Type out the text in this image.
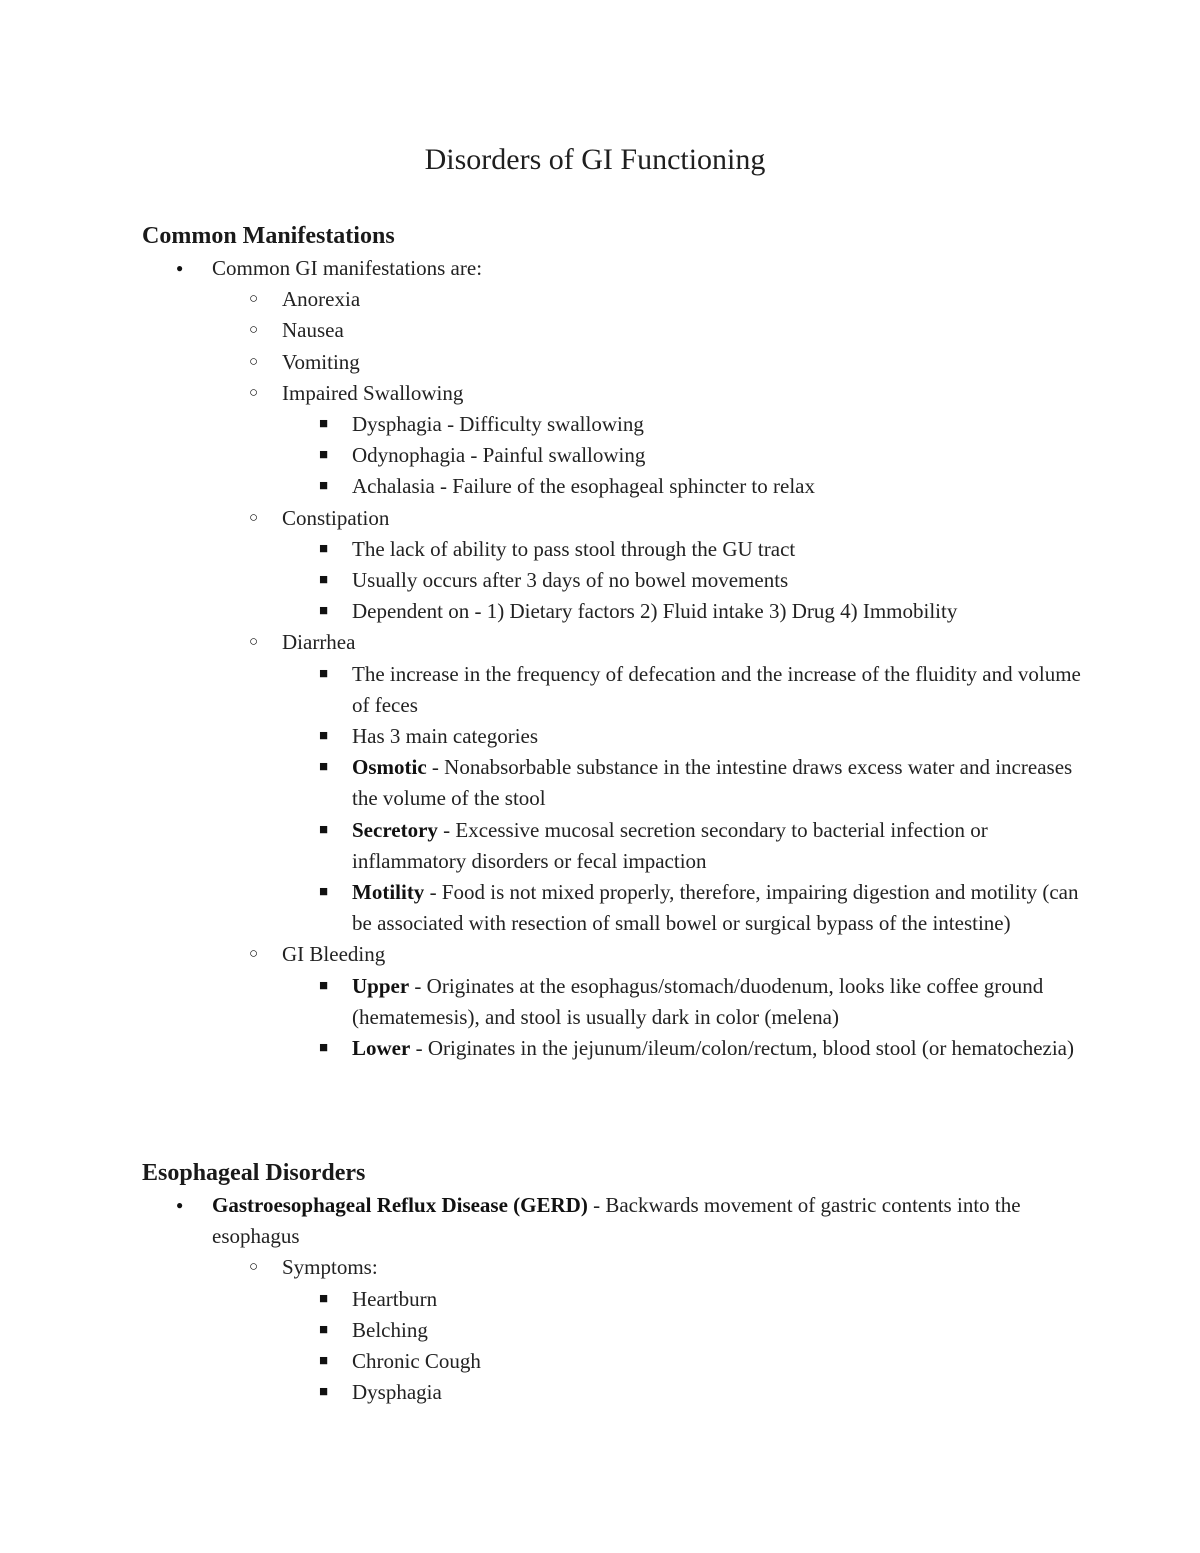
Disorders of GI Functioning
Common Manifestations
● Common GI manifestations are:
○ Anorexia
○ Nausea
○ Vomiting
○ Impaired Swallowing
■ Dysphagia - Difficulty swallowing
■ Odynophagia - Painful swallowing
■ Achalasia - Failure of the esophageal sphincter to relax
○ Constipation
■ The lack of ability to pass stool through the GU tract
■ Usually occurs after 3 days of no bowel movements
■ Dependent on - 1) Dietary factors 2) Fluid intake 3) Drug 4) Immobility
○ Diarrhea
■ The increase in the frequency of defecation and the increase of the fluidity and volume of feces
■ Has 3 main categories
■ Osmotic - Nonabsorbable substance in the intestine draws excess water and increases the volume of the stool
■ Secretory - Excessive mucosal secretion secondary to bacterial infection or inflammatory disorders or fecal impaction
■ Motility - Food is not mixed properly, therefore, impairing digestion and motility (can be associated with resection of small bowel or surgical bypass of the intestine)
○ GI Bleeding
■ Upper - Originates at the esophagus/stomach/duodenum, looks like coffee ground (hematemesis), and stool is usually dark in color (melena)
■ Lower - Originates in the jejunum/ileum/colon/rectum, blood stool (or hematochezia)
Esophageal Disorders
● Gastroesophageal Reflux Disease (GERD) - Backwards movement of gastric contents into the esophagus
○ Symptoms:
■ Heartburn
■ Belching
■ Chronic Cough
■ Dysphagia
